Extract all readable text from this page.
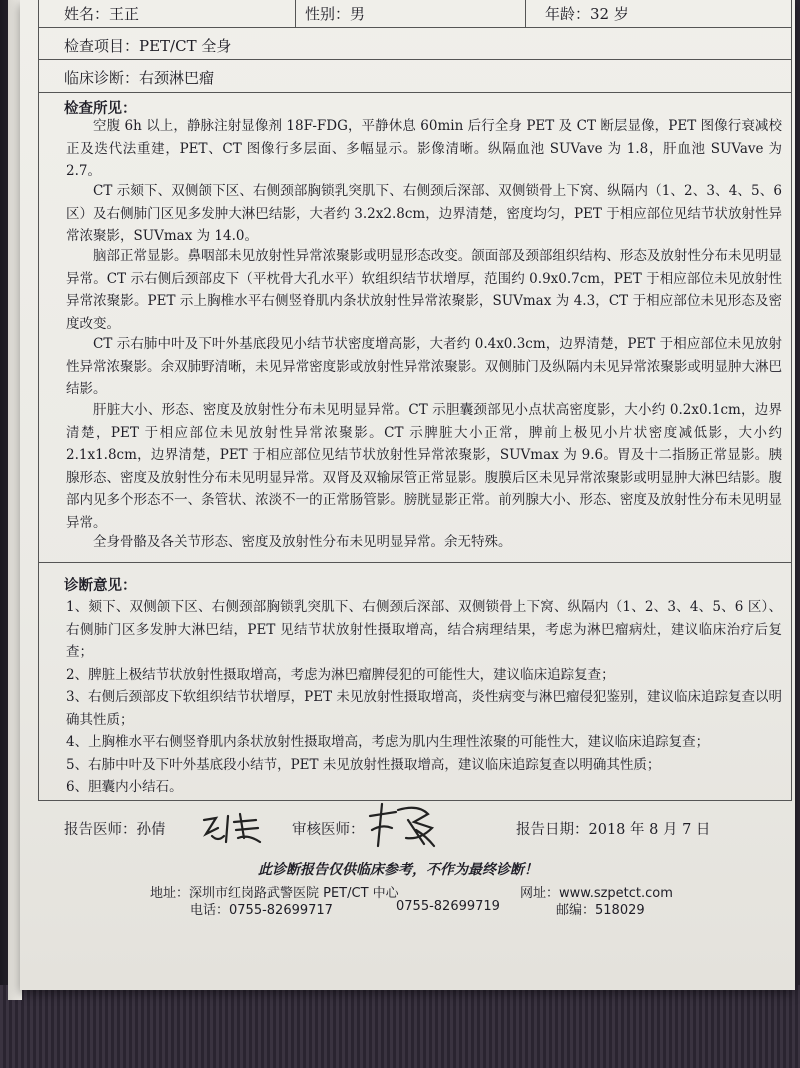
姓名：王正	性别：男	年龄：32 岁
检查项目：PET/CT 全身
临床诊断：右颈淋巴瘤
检查所见：

空腹 6h 以上，静脉注射显像剂 18F-FDG，平静休息 60min 后行全身 PET 及 CT 断层显像，PET 图像行衰减校正及迭代法重建，PET、CT 图像行多层面、多幅显示。影像清晰。纵隔血池 SUVave 为 1.8，肝血池 SUVave 为 2.7。

CT 示颏下、双侧颌下区、右侧颈部胸锁乳突肌下、右侧颈后深部、双侧锁骨上下窝、纵隔内（1、2、3、4、5、6 区）及右侧肺门区见多发肿大淋巴结影，大者约 3.2x2.8cm，边界清楚，密度均匀，PET 于相应部位见结节状放射性异常浓聚影，SUVmax 为 14.0。

脑部正常显影。鼻咽部未见放射性异常浓聚影或明显形态改变。颌面部及颈部组织结构、形态及放射性分布未见明显异常。CT 示右侧后颈部皮下（平枕骨大孔水平）软组织结节状增厚，范围约 0.9x0.7cm，PET 于相应部位未见放射性异常浓聚影。PET 示上胸椎水平右侧竖脊肌内条状放射性异常浓聚影，SUVmax 为 4.3，CT 于相应部位未见形态及密度改变。

CT 示右肺中叶及下叶外基底段见小结节状密度增高影，大者约 0.4x0.3cm，边界清楚，PET 于相应部位未见放射性异常浓聚影。余双肺野清晰，未见异常密度影或放射性异常浓聚影。双侧肺门及纵隔内未见异常浓聚影或明显肿大淋巴结影。

肝脏大小、形态、密度及放射性分布未见明显异常。CT 示胆囊颈部见小点状高密度影，大小约 0.2x0.1cm，边界清楚，PET 于相应部位未见放射性异常浓聚影。CT 示脾脏大小正常，脾前上极见小片状密度减低影，大小约 2.1x1.8cm，边界清楚，PET 于相应部位见结节状放射性异常浓聚影，SUVmax 为 9.6。胃及十二指肠正常显影。胰腺形态、密度及放射性分布未见明显异常。双肾及双输尿管正常显影。腹膜后区未见异常浓聚影或明显肿大淋巴结影。腹部内见多个形态不一、条管状、浓淡不一的正常肠管影。膀胱显影正常。前列腺大小、形态、密度及放射性分布未见明显异常。

全身骨骼及各关节形态、密度及放射性分布未见明显异常。余无特殊。

诊断意见：
1、颏下、双侧颌下区、右侧颈部胸锁乳突肌下、右侧颈后深部、双侧锁骨上下窝、纵隔内（1、2、3、4、5、6 区）、右侧肺门区多发肿大淋巴结，PET 见结节状放射性摄取增高，结合病理结果，考虑为淋巴瘤病灶，建议临床治疗后复查；
2、脾脏上极结节状放射性摄取增高，考虑为淋巴瘤脾侵犯的可能性大，建议临床追踪复查；
3、右侧后颈部皮下软组织结节状增厚，PET 未见放射性摄取增高，炎性病变与淋巴瘤侵犯鉴别，建议临床追踪复查以明确其性质；
4、上胸椎水平右侧竖脊肌内条状放射性摄取增高，考虑为肌内生理性浓聚的可能性大，建议临床追踪复查；
5、右肺中叶及下叶外基底段小结节，PET 未见放射性摄取增高，建议临床追踪复查以明确其性质；
6、胆囊内小结石。
报告医师：孙倩	审核医师：	报告日期：2018 年 8 月 7 日
此诊断报告仅供临床参考，不作为最终诊断！
地址：深圳市红岗路武警医院 PET/CT 中心	网址：www.szpetct.com
电话：0755-82699717	0755-82699719	邮编：518029
